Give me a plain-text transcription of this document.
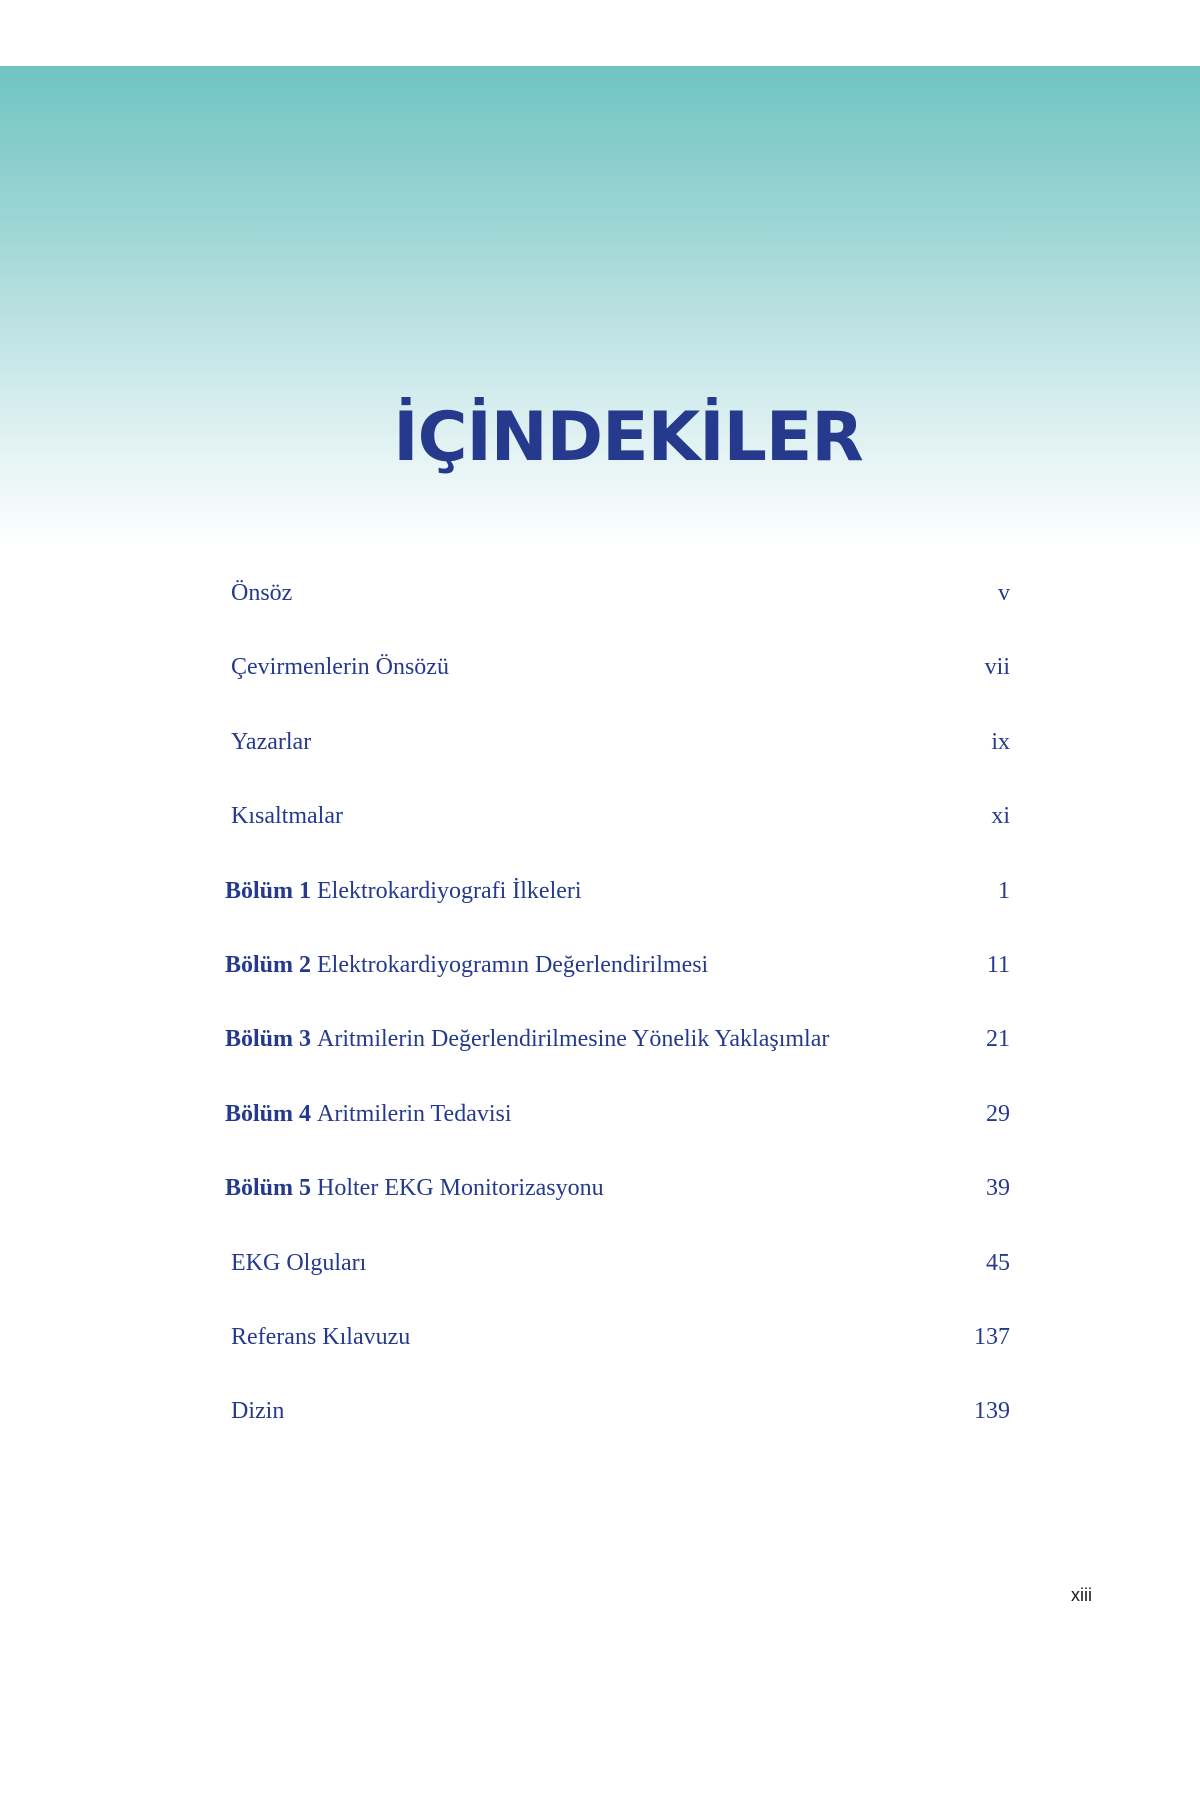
İÇİNDEKİLER
Önsöz	v
Çevirmenlerin Önsözü	vii
Yazarlar	ix
Kısaltmalar	xi
Bölüm 1 Elektrokardiyografi İlkeleri	1
Bölüm 2 Elektrokardiyogramın Değerlendirilmesi	11
Bölüm 3 Aritmilerin Değerlendirilmesine Yönelik Yaklaşımlar	21
Bölüm 4 Aritmilerin Tedavisi	29
Bölüm 5 Holter EKG Monitorizasyonu	39
EKG Olguları	45
Referans Kılavuzu	137
Dizin	139
xiii
